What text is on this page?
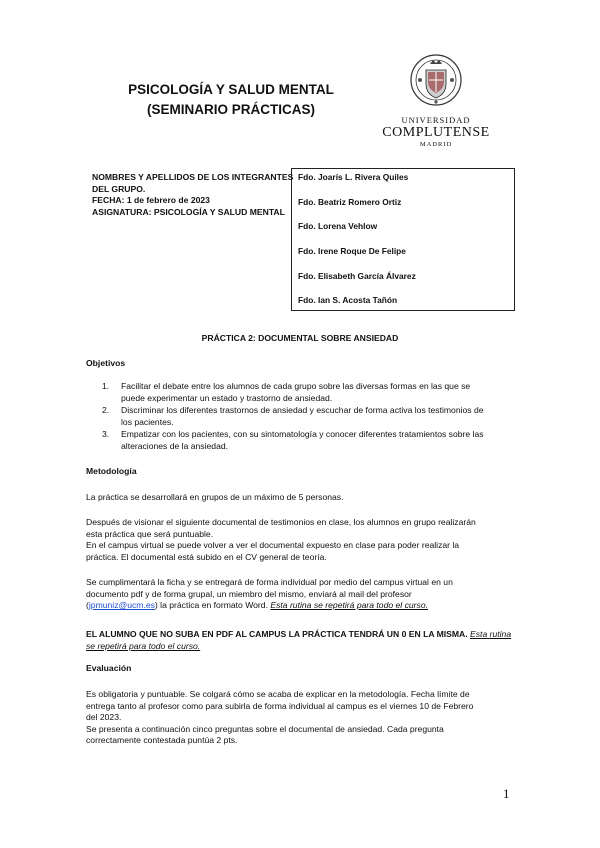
PSICOLOGÍA Y SALUD MENTAL
(SEMINARIO PRÁCTICAS)
UNIVERSIDAD
COMPLUTENSE
MADRID
NOMBRES Y APELLIDOS DE LOS INTEGRANTES
DEL GRUPO.
FECHA: 1 de febrero de 2023
ASIGNATURA: PSICOLOGÍA Y SALUD MENTAL
Fdo. Joarís L. Rivera Quiles
Fdo. Beatriz Romero Ortiz
Fdo. Lorena Vehlow
Fdo. Irene Roque De Felipe
Fdo. Elisabeth García Álvarez
Fdo. Ian S. Acosta Tañón
PRÁCTICA 2: DOCUMENTAL SOBRE ANSIEDAD
Objetivos
1. Facilitar el debate entre los alumnos de cada grupo sobre las diversas formas en las que se
puede experimentar un estado y trastorno de ansiedad.
2. Discriminar los diferentes trastornos de ansiedad y escuchar de forma activa los testimonios de
los pacientes.
3. Empatizar con los pacientes, con su sintomatología y conocer diferentes tratamientos sobre las
alteraciones de la ansiedad.
Metodología
La práctica se desarrollará en grupos de un máximo de 5 personas.
Después de visionar el siguiente documental de testimonios en clase, los alumnos en grupo realizarán
esta práctica que será puntuable.
En el campus virtual se puede volver a ver el documental expuesto en clase para poder realizar la
práctica. El documental está subido en el CV general de teoría.
Se cumplimentará la ficha y se entregará de forma individual por medio del campus virtual en un
documento pdf y de forma grupal, un miembro del mismo, enviará al mail del profesor
(jpmuniz@ucm.es) la práctica en formato Word. Esta rutina se repetirá para todo el curso.
EL ALUMNO QUE NO SUBA EN PDF AL CAMPUS LA PRÁCTICA TENDRÁ UN 0 EN LA MISMA. Esta rutina
se repetirá para todo el curso.
Evaluación
Es obligatoria y puntuable. Se colgará cómo se acaba de explicar en la metodología. Fecha límite de
entrega tanto al profesor como para subirla de forma individual al campus es el viernes 10 de Febrero
del 2023.
Se presenta a continuación cinco preguntas sobre el documental de ansiedad. Cada pregunta
correctamente contestada puntúa 2 pts.
1
